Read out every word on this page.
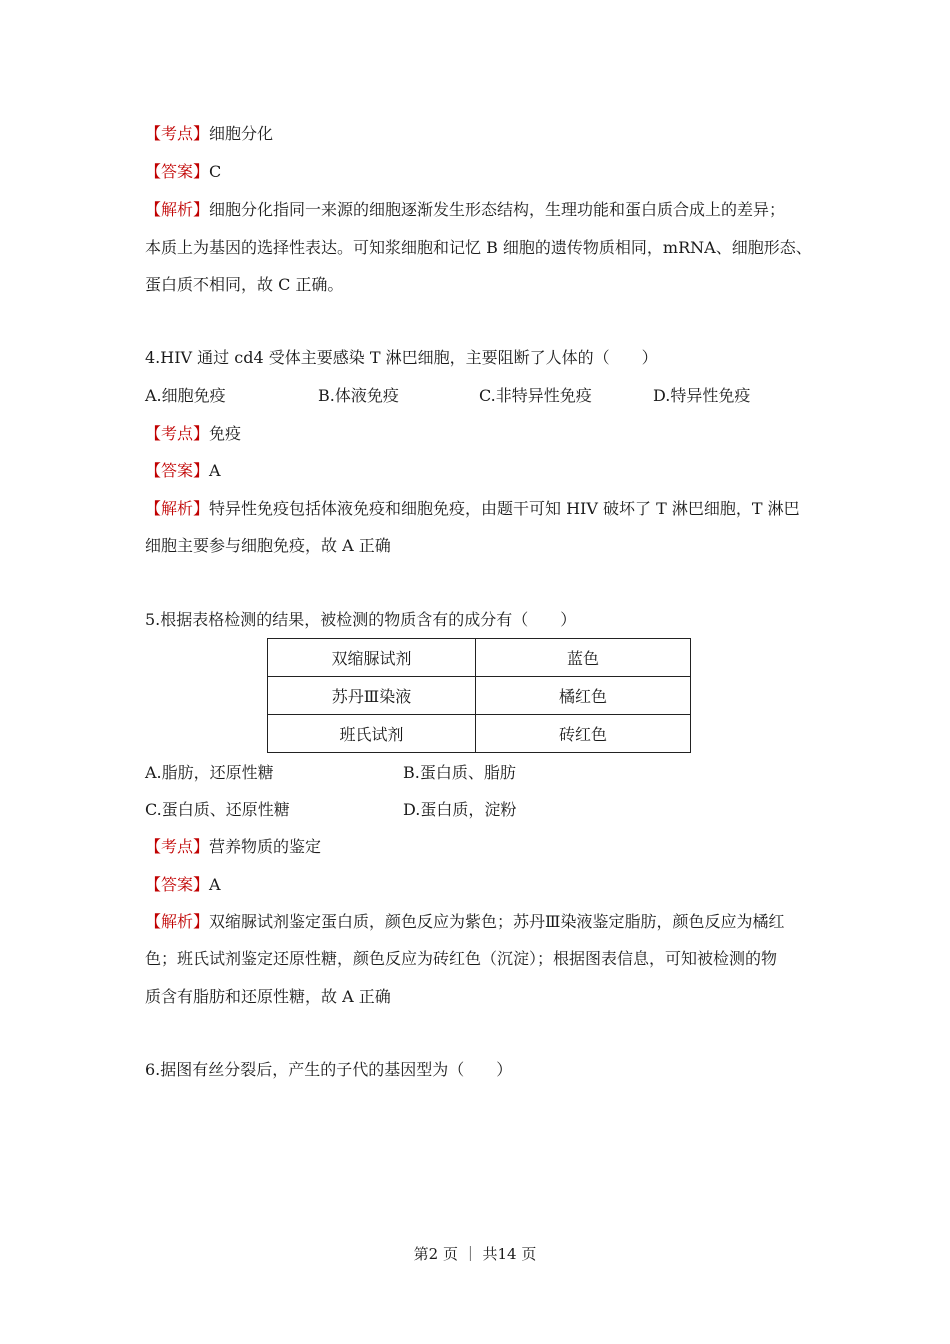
【考点】细胞分化
【答案】C
【解析】细胞分化指同一来源的细胞逐渐发生形态结构，生理功能和蛋白质合成上的差异；
本质上为基因的选择性表达。可知浆细胞和记忆 B 细胞的遗传物质相同，mRNA、细胞形态、
蛋白质不相同，故 C 正确。
4.HIV 通过 cd4 受体主要感染 T 淋巴细胞，主要阻断了人体的（　　）
A.细胞免疫	B.体液免疫	C.非特异性免疫	D.特异性免疫
【考点】免疫
【答案】A
【解析】特异性免疫包括体液免疫和细胞免疫，由题干可知 HIV 破坏了 T 淋巴细胞，T 淋巴
细胞主要参与细胞免疫，故 A 正确
5.根据表格检测的结果，被检测的物质含有的成分有（　　）
双缩脲试剂	蓝色
苏丹Ⅲ染液	橘红色
班氏试剂	砖红色
A.脂肪，还原性糖	B.蛋白质、脂肪
C.蛋白质、还原性糖	D.蛋白质，淀粉
【考点】营养物质的鉴定
【答案】A
【解析】双缩脲试剂鉴定蛋白质，颜色反应为紫色；苏丹Ⅲ染液鉴定脂肪，颜色反应为橘红
色；班氏试剂鉴定还原性糖，颜色反应为砖红色（沉淀）；根据图表信息，可知被检测的物
质含有脂肪和还原性糖，故 A 正确
6.据图有丝分裂后，产生的子代的基因型为（　　）
第2 页 ｜ 共14 页
